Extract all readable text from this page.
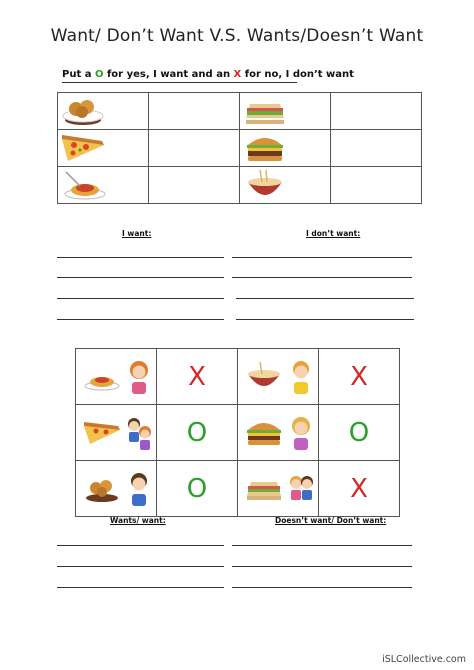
Want/ Don’t Want V.S. Wants/Doesn’t Want
Put a O for yes, I want and an X for no, I don’t want

I want:	I don’t want:
	X		X

	O		O

	O		X
Wants/ want:	Doesn’t want/ Don’t want:
iSLCollective.com
